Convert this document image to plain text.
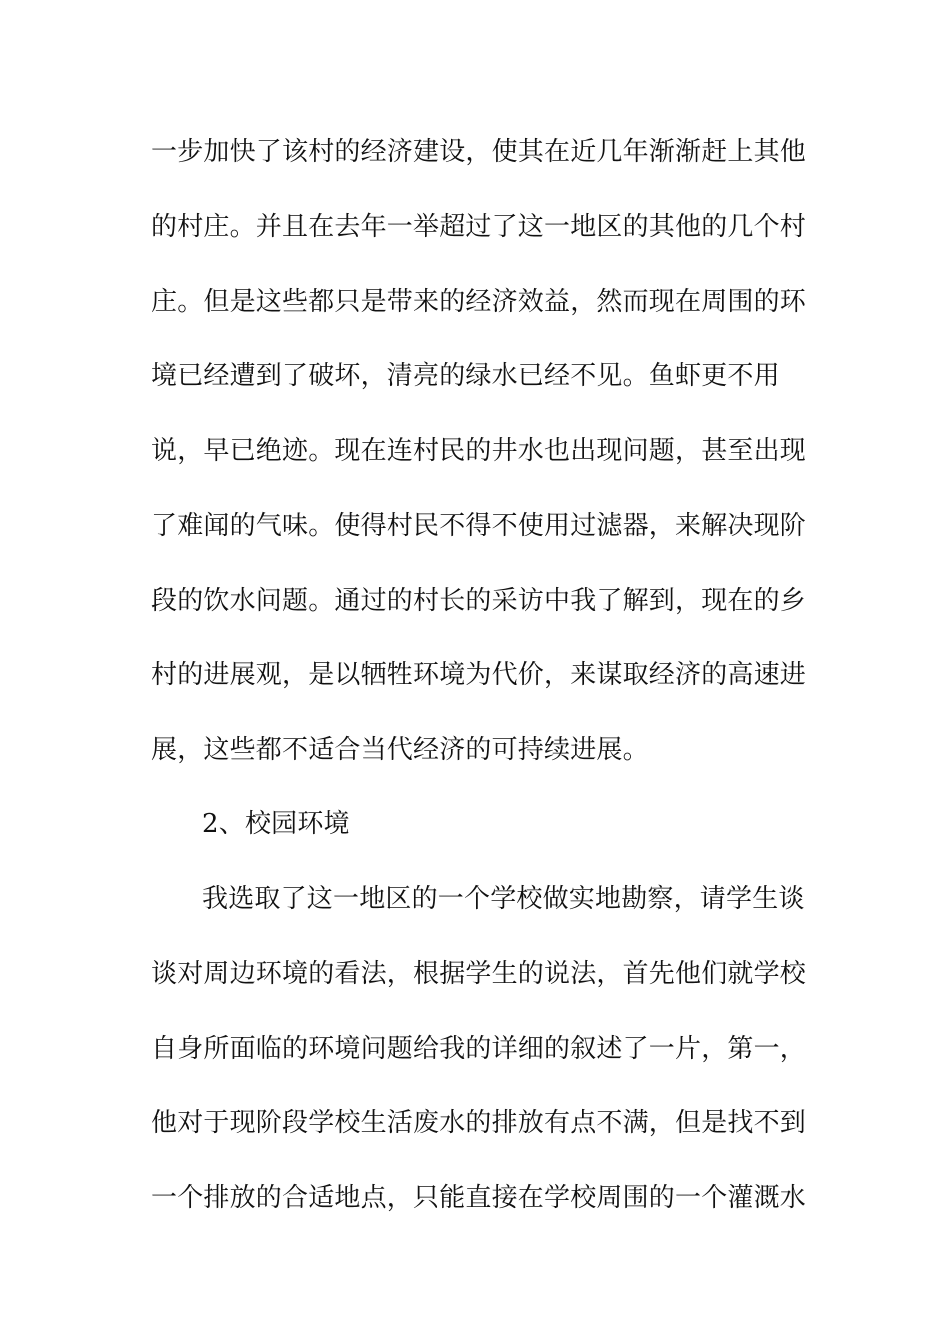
一步加快了该村的经济建设，使其在近几年渐渐赶上其他
的村庄。并且在去年一举超过了这一地区的其他的几个村
庄。但是这些都只是带来的经济效益，然而现在周围的环
境已经遭到了破坏，清亮的绿水已经不见。鱼虾更不用
说，早已绝迹。现在连村民的井水也出现问题，甚至出现
了难闻的气味。使得村民不得不使用过滤器，来解决现阶
段的饮水问题。通过的村长的采访中我了解到，现在的乡
村的进展观，是以牺牲环境为代价，来谋取经济的高速进
展，这些都不适合当代经济的可持续进展。
2、校园环境
我选取了这一地区的一个学校做实地勘察，请学生谈
谈对周边环境的看法，根据学生的说法，首先他们就学校
自身所面临的环境问题给我的详细的叙述了一片，第一，
他对于现阶段学校生活废水的排放有点不满，但是找不到
一个排放的合适地点，只能直接在学校周围的一个灌溉水
